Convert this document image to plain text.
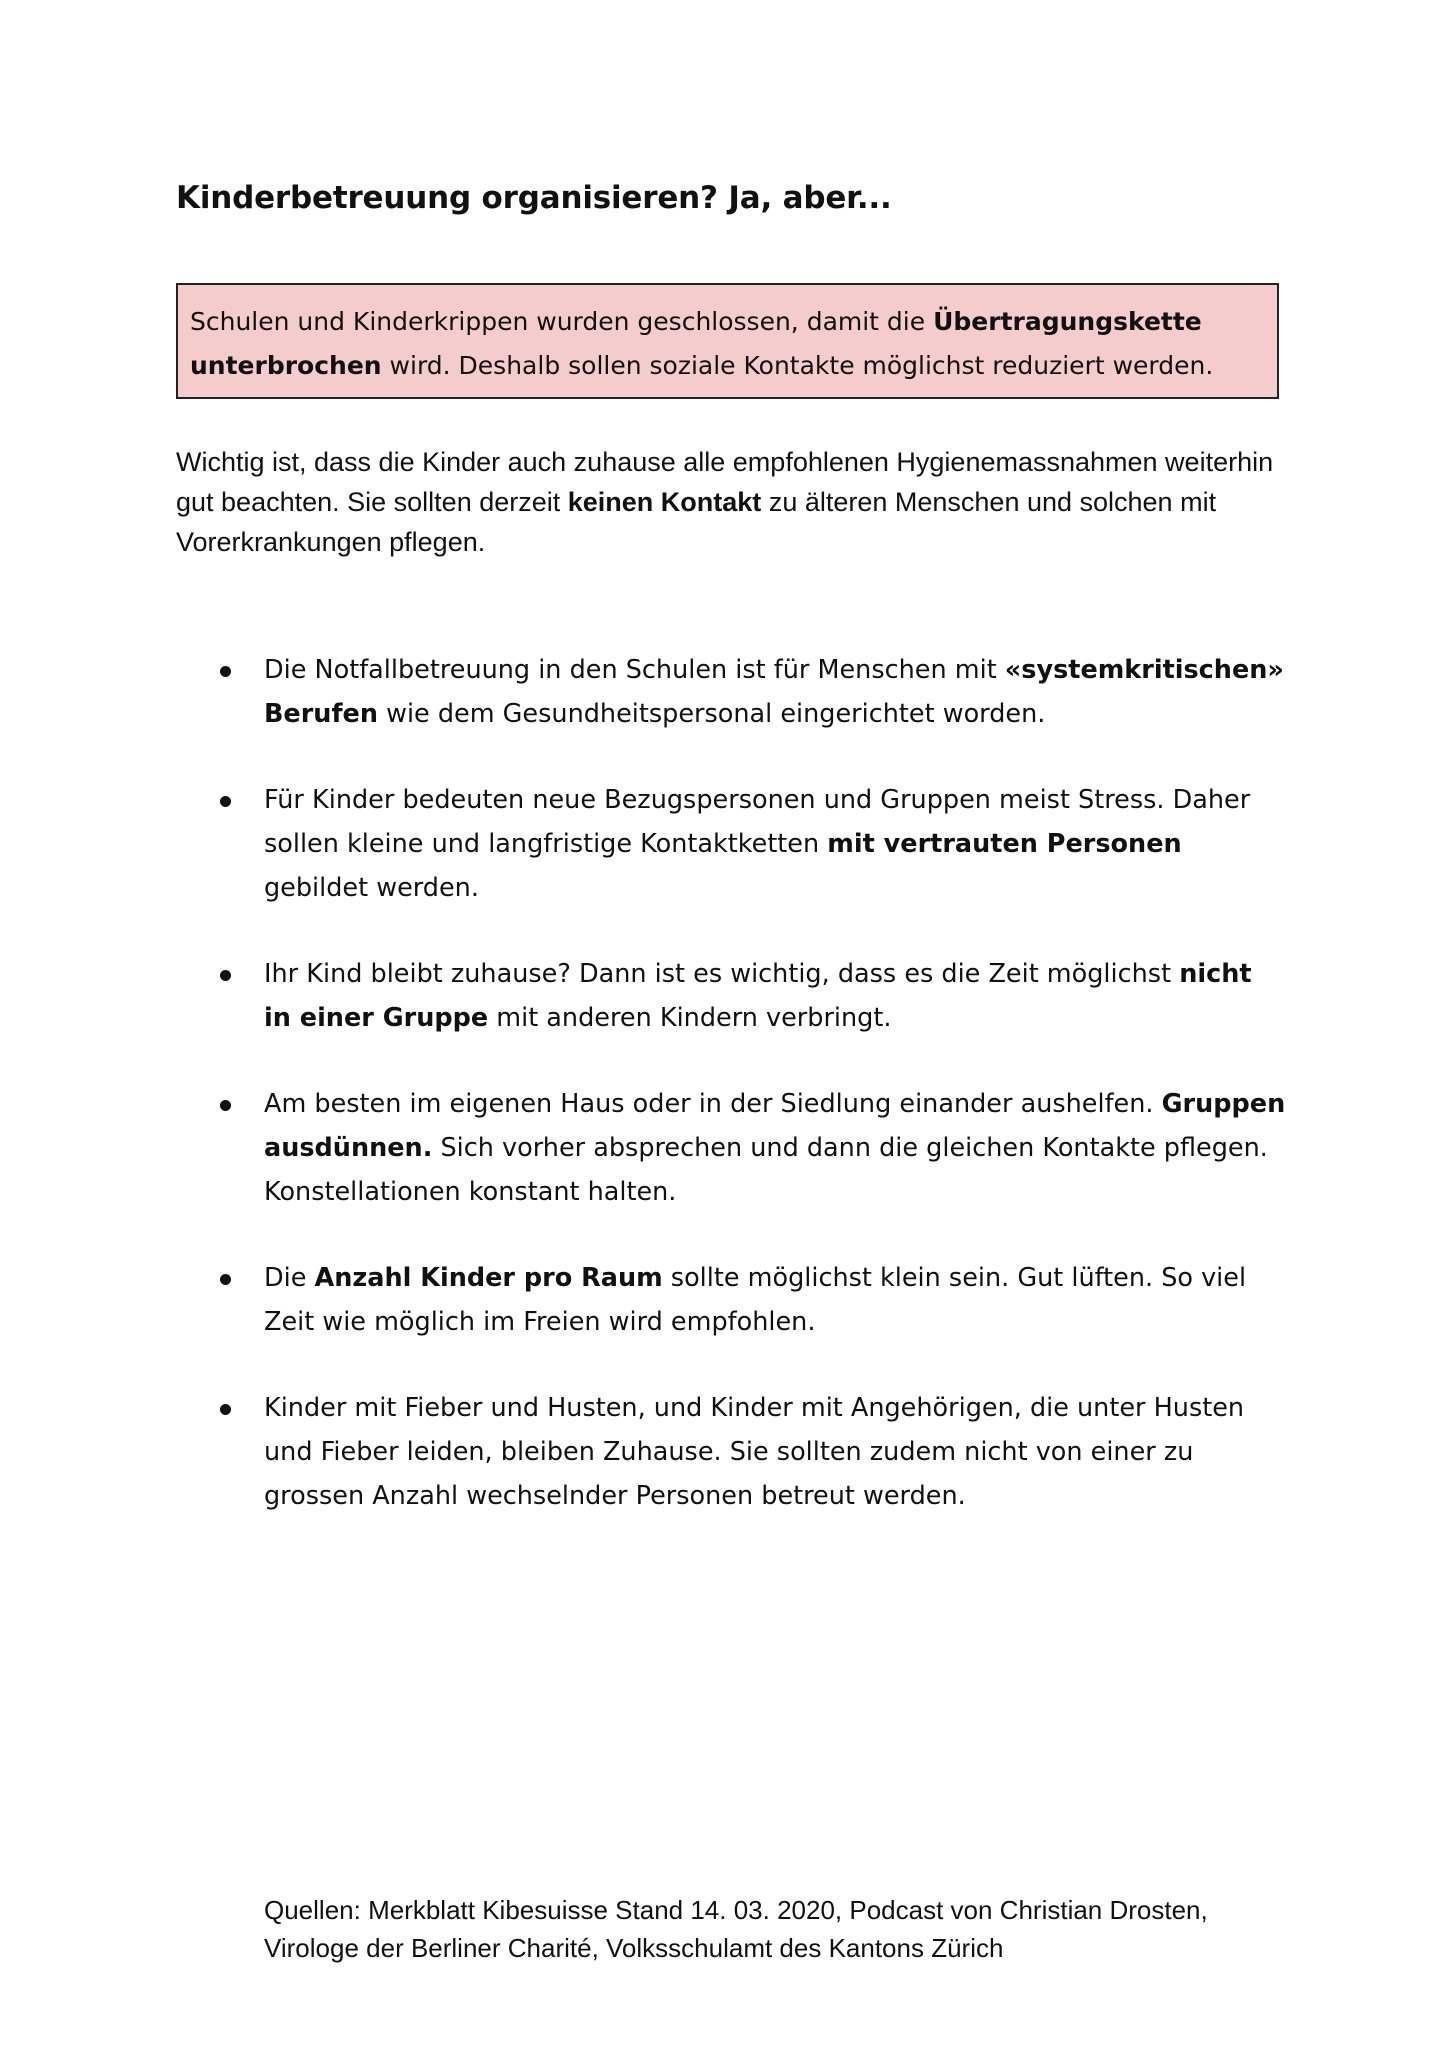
Kinderbetreuung organisieren? Ja, aber...
Schulen und Kinderkrippen wurden geschlossen, damit die Übertragungskette unterbrochen wird. Deshalb sollen soziale Kontakte möglichst reduziert werden.

Wichtig ist, dass die Kinder auch zuhause alle empfohlenen Hygienemassnahmen weiterhin gut beachten. Sie sollten derzeit keinen Kontakt zu älteren Menschen und solchen mit Vorerkrankungen pflegen.

Die Notfallbetreuung in den Schulen ist für Menschen mit «systemkritischen» Berufen wie dem Gesundheitspersonal eingerichtet worden.
Für Kinder bedeuten neue Bezugspersonen und Gruppen meist Stress. Daher sollen kleine und langfristige Kontaktketten mit vertrauten Personen gebildet werden.
Ihr Kind bleibt zuhause? Dann ist es wichtig, dass es die Zeit möglichst nicht in einer Gruppe mit anderen Kindern verbringt.
Am besten im eigenen Haus oder in der Siedlung einander aushelfen. Gruppen ausdünnen. Sich vorher absprechen und dann die gleichen Kontakte pflegen. Konstellationen konstant halten.
Die Anzahl Kinder pro Raum sollte möglichst klein sein. Gut lüften. So viel Zeit wie möglich im Freien wird empfohlen.
Kinder mit Fieber und Husten, und Kinder mit Angehörigen, die unter Husten und Fieber leiden, bleiben Zuhause. Sie sollten zudem nicht von einer zu grossen Anzahl wechselnder Personen betreut werden.

Quellen: Merkblatt Kibesuisse Stand 14. 03. 2020, Podcast von Christian Drosten,
Virologe der Berliner Charité, Volksschulamt des Kantons Zürich
